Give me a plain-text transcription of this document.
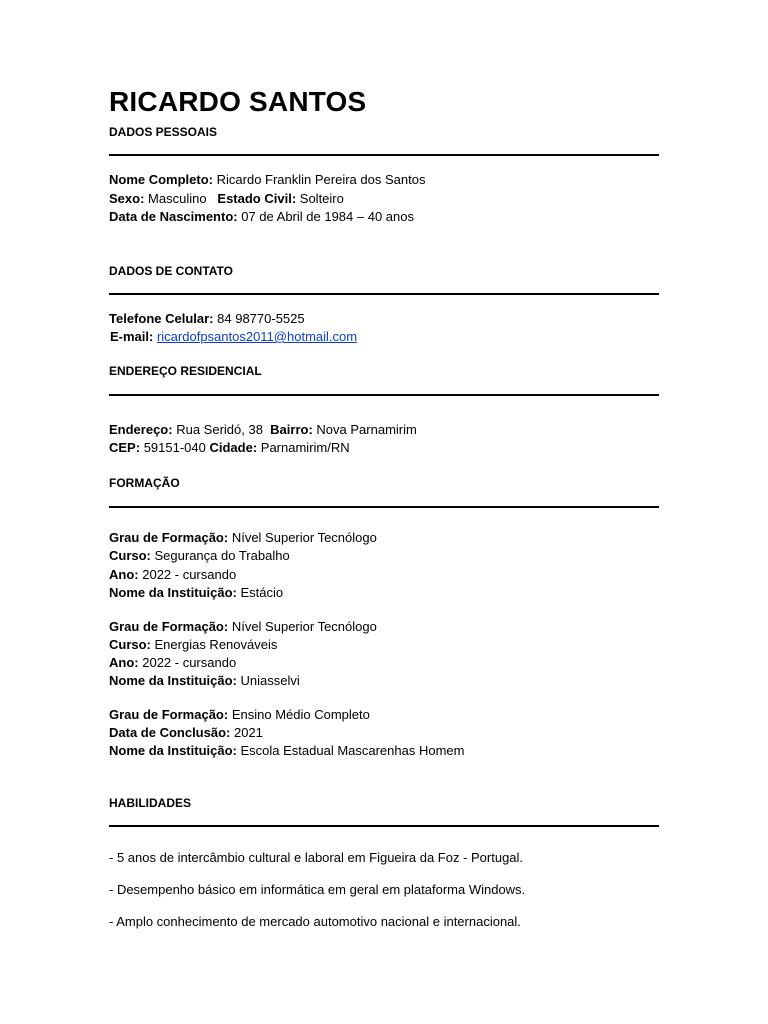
RICARDO SANTOS
DADOS PESSOAIS
Nome Completo: Ricardo Franklin Pereira dos Santos
Sexo: Masculino Estado Civil: Solteiro
Data de Nascimento: 07 de Abril de 1984 – 40 anos
DADOS DE CONTATO
Telefone Celular: 84 98770-5525
E-mail: ricardofpsantos2011@hotmail.com
ENDEREÇO RESIDENCIAL
Endereço: Rua Seridó, 38 Bairro: Nova Parnamirim
CEP: 59151-040 Cidade: Parnamirim/RN
FORMAÇÃO
Grau de Formação: Nível Superior Tecnólogo
Curso: Segurança do Trabalho
Ano: 2022 - cursando
Nome da Instituição: Estácio
Grau de Formação: Nível Superior Tecnólogo
Curso: Energias Renováveis
Ano: 2022 - cursando
Nome da Instituição: Uniasselvi
Grau de Formação: Ensino Médio Completo
Data de Conclusão: 2021
Nome da Instituição: Escola Estadual Mascarenhas Homem
HABILIDADES
- 5 anos de intercâmbio cultural e laboral em Figueira da Foz - Portugal.
- Desempenho básico em informática em geral em plataforma Windows.
- Amplo conhecimento de mercado automotivo nacional e internacional.
